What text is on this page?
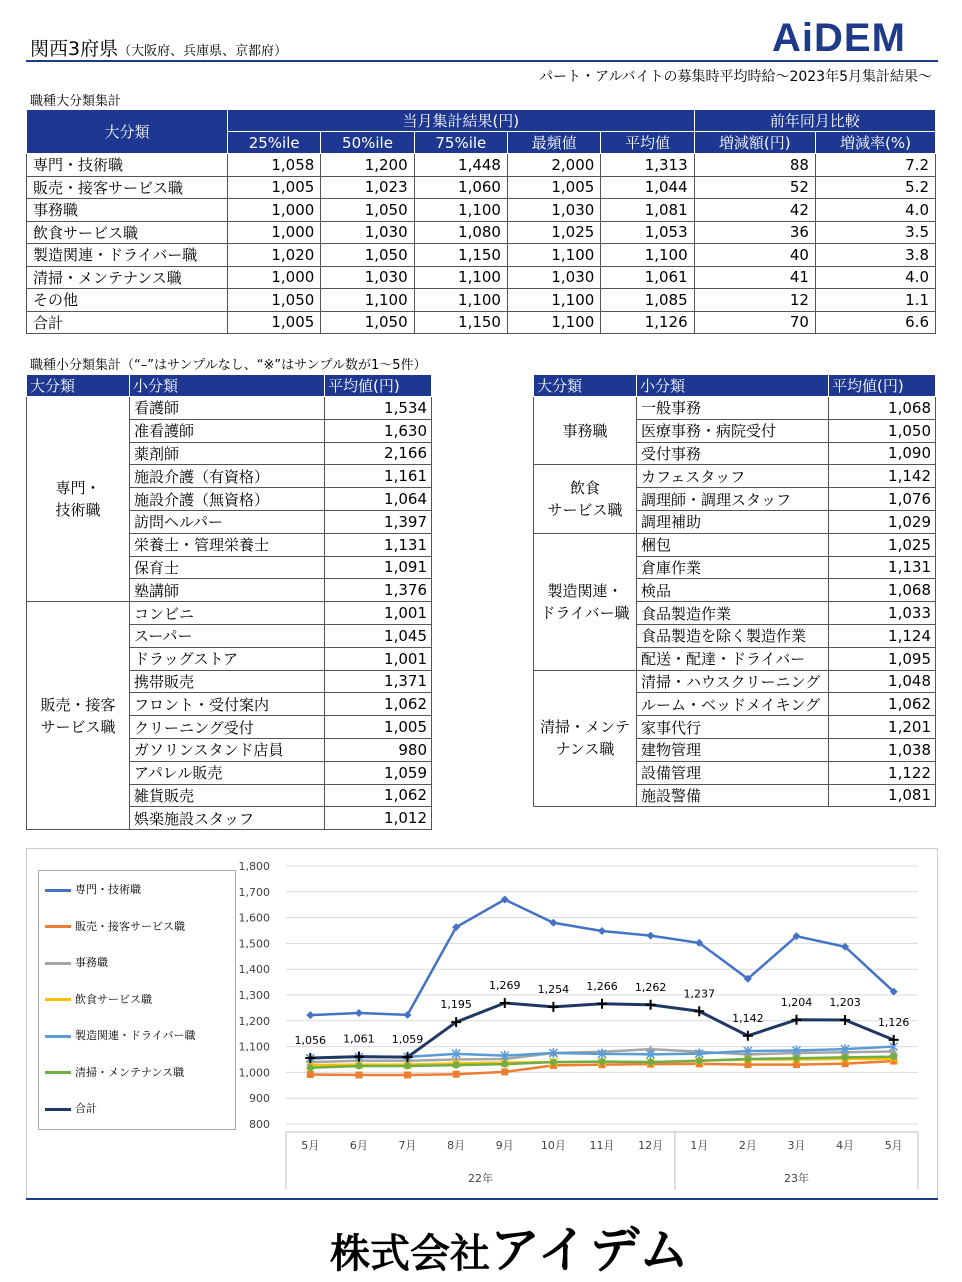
関西3府県（大阪府、兵庫県、京都府）	AiDEM
パート・アルバイトの募集時平均時給～2023年5月集計結果～
職種大分類集計
大分類	当月集計結果(円)					前年同月比較	
	25%ile	50%ile	75%ile	最頻値	平均値	増減額(円)	増減率(%)
専門・技術職	1,058	1,200	1,448	2,000	1,313	88	7.2
販売・接客サービス職	1,005	1,023	1,060	1,005	1,044	52	5.2
事務職	1,000	1,050	1,100	1,030	1,081	42	4.0
飲食サービス職	1,000	1,030	1,080	1,025	1,053	36	3.5
製造関連・ドライバー職	1,020	1,050	1,150	1,100	1,100	40	3.8
清掃・メンテナンス職	1,000	1,030	1,100	1,030	1,061	41	4.0
その他	1,050	1,100	1,100	1,100	1,085	12	1.1
合計	1,005	1,050	1,150	1,100	1,126	70	6.6
職種小分類集計（“–”はサンプルなし、“※”はサンプル数が1～5件）
大分類	小分類	平均値(円)
専門・
技術職	看護師	1,534
	准看護師	1,630
	薬剤師	2,166
	施設介護（有資格）	1,161
	施設介護（無資格）	1,064
	訪問ヘルパー	1,397
	栄養士・管理栄養士	1,131
	保育士	1,091
	塾講師	1,376
販売・接客
サービス職	コンビニ	1,001
	スーパー	1,045
	ドラッグストア	1,001
	携帯販売	1,371
	フロント・受付案内	1,062
	クリーニング受付	1,005
	ガソリンスタンド店員	980
	アパレル販売	1,059
	雑貨販売	1,062
	娯楽施設スタッフ	1,012
大分類	小分類	平均値(円)
事務職	一般事務	1,068
	医療事務・病院受付	1,050
	受付事務	1,090
飲食
サービス職	カフェスタッフ	1,142
	調理師・調理スタッフ	1,076
	調理補助	1,029
製造関連・
ドライバー職	梱包	1,025
	倉庫作業	1,131
	検品	1,068
	食品製造作業	1,033
	食品製造を除く製造作業	1,124
	配送・配達・ドライバー	1,095
清掃・メンテ
ナンス職	清掃・ハウスクリーニング	1,048
	ルーム・ベッドメイキング	1,062
	家事代行	1,201
	建物管理	1,038
	設備管理	1,122
	施設警備	1,081
800
900
1,000
1,100
1,200
1,300
1,400
1,500
1,600
1,700
1,800
5月	6月	7月	8月	9月 10月 11月 12月 1月	2月	3月	4月	5月
22年	23年
1,056 1,061 1,059
1,195
1,269 1,254 1,266 1,262 1,237
1,142
1,204 1,203
1,126
専門・技術職
販売・接客サービス職
事務職
飲食サービス職
製造関連・ドライバー職
清掃・メンテナンス職
合計
株式会社アイデム
